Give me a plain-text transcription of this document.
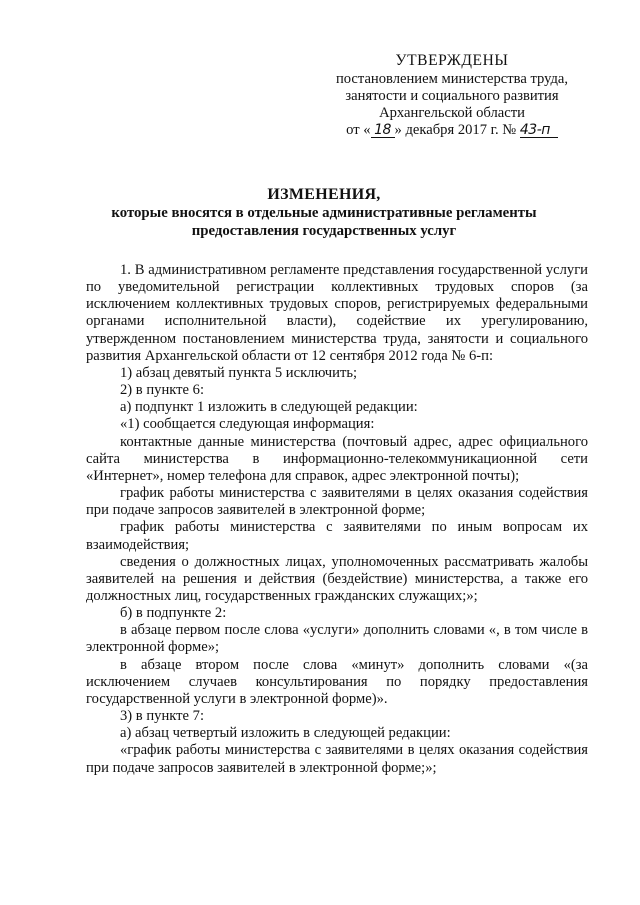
УТВЕРЖДЕНЫ
постановлением министерства труда,
занятости и социального развития
Архангельской области
от « 18 » декабря 2017 г. № 43-п
ИЗМЕНЕНИЯ,
которые вносятся в отдельные административные регламенты
предоставления государственных услуг

1. В административном регламенте представления государственной услуги по уведомительной регистрации коллективных трудовых споров (за исключением коллективных трудовых споров, регистрируемых федеральными органами исполнительной власти), содействие их урегулированию, утвержденном постановлением министерства труда, занятости и социального развития Архангельской области от 12 сентября 2012 года № 6-п:

1) абзац девятый пункта 5 исключить;

2) в пункте 6:

а) подпункт 1 изложить в следующей редакции:

«1) сообщается следующая информация:

контактные данные министерства (почтовый адрес, адрес официального сайта министерства в информационно-телекоммуникационной сети «Интернет», номер телефона для справок, адрес электронной почты);

график работы министерства с заявителями в целях оказания содействия при подаче запросов заявителей в электронной форме;

график работы министерства с заявителями по иным вопросам их взаимодействия;

сведения о должностных лицах, уполномоченных рассматривать жалобы заявителей на решения и действия (бездействие) министерства, а также его должностных лиц, государственных гражданских служащих;»;

б) в подпункте 2:

в абзаце первом после слова «услуги» дополнить словами «, в том числе в электронной форме»;

в абзаце втором после слова «минут» дополнить словами «(за исключением случаев консультирования по порядку предоставления государственной услуги в электронной форме)».

3) в пункте 7:

а) абзац четвертый изложить в следующей редакции:

«график работы министерства с заявителями в целях оказания содействия при подаче запросов заявителей в электронной форме;»;
